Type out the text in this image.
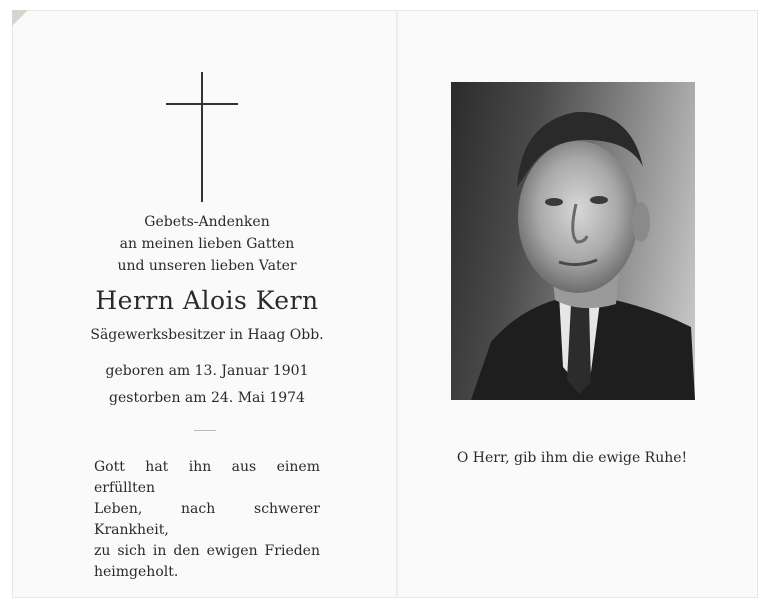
Gebets-Andenken
an meinen lieben Gatten
und unseren lieben Vater
Herrn Alois Kern
Sägewerksbesitzer in Haag Obb.
geboren am 13. Januar 1901
gestorben am 24. Mai 1974
Gott hat ihn aus einem erfüllten
Leben, nach schwerer Krankheit,
zu sich in den ewigen Frieden
heimgeholt.
O Herr, gib ihm die ewige Ruhe!
